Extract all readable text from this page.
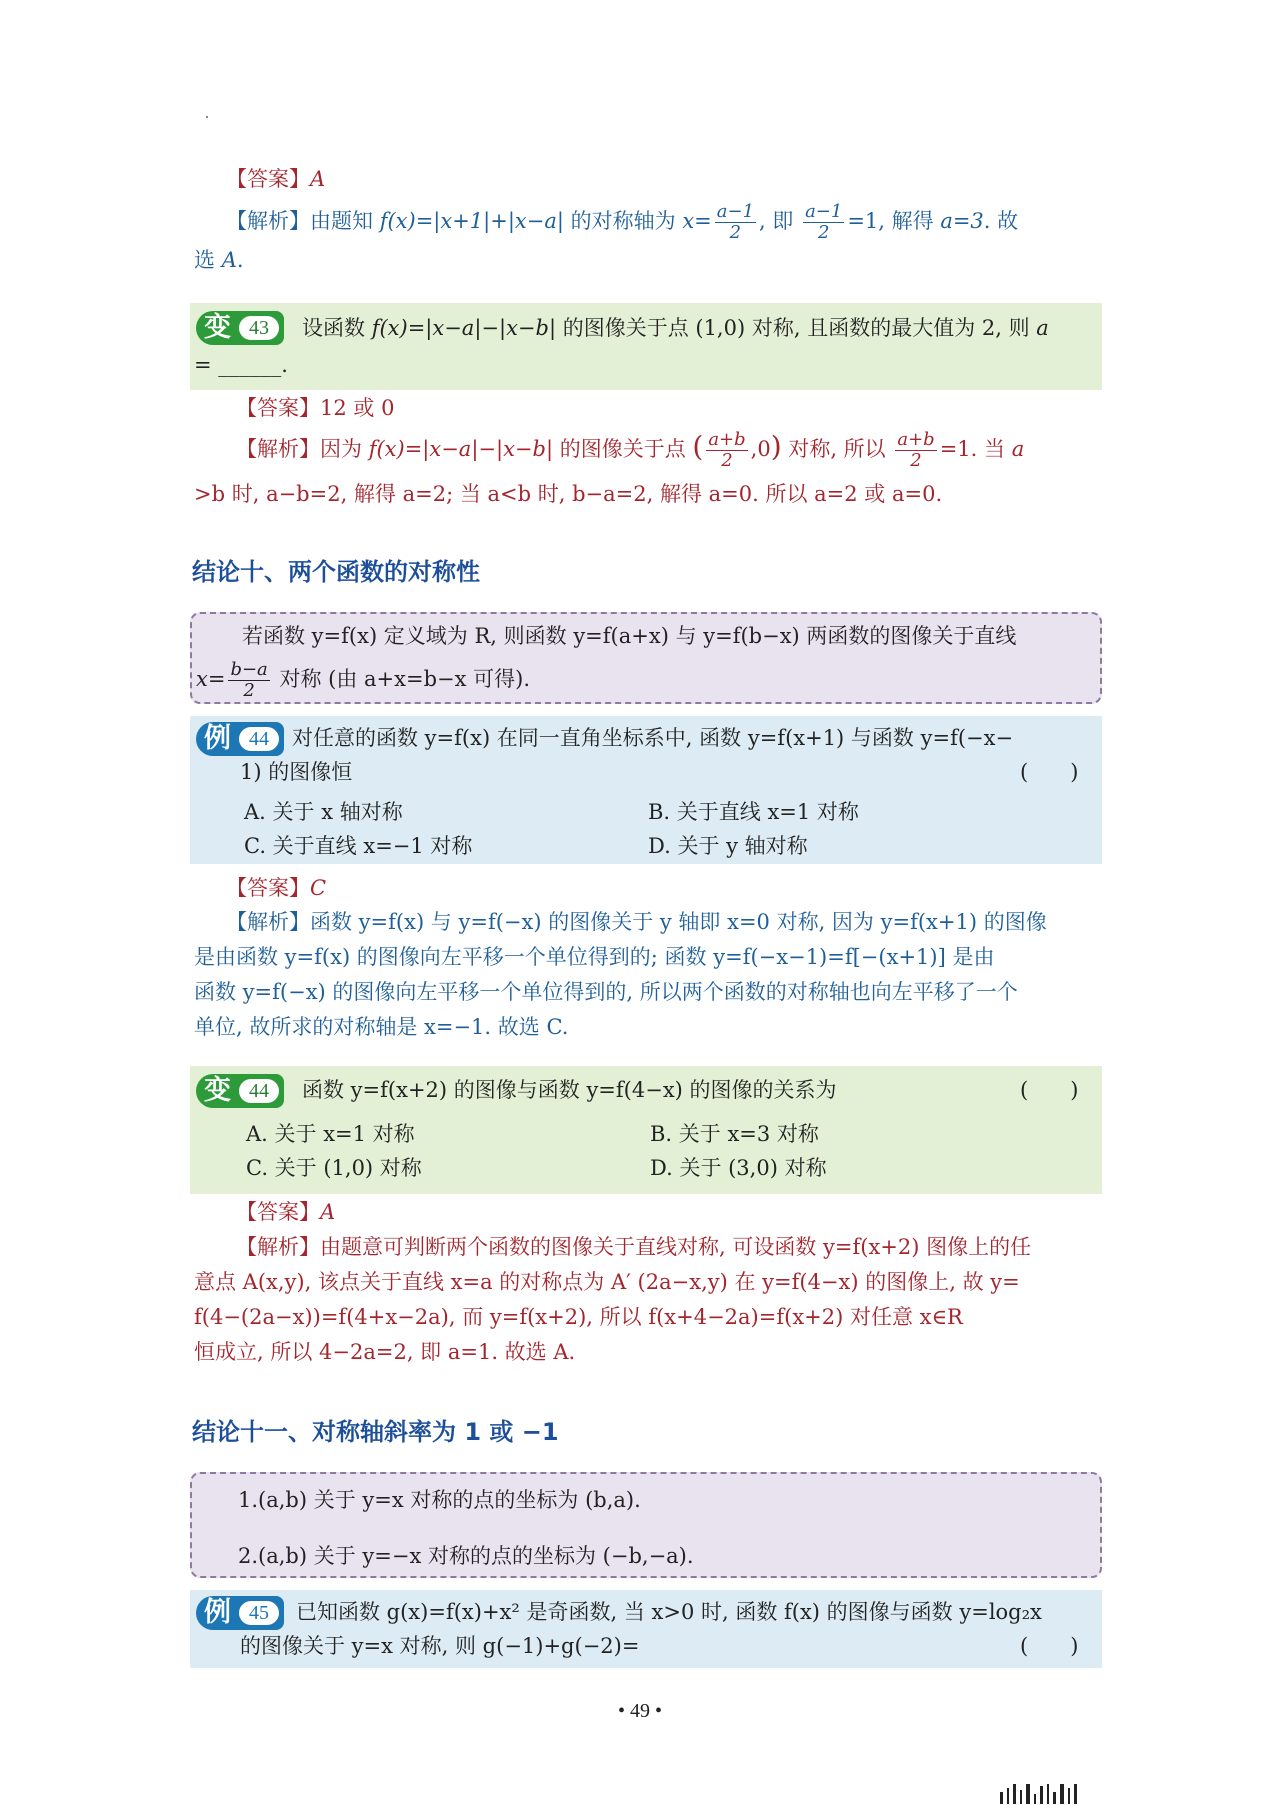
【答案】A
【解析】由题知 f(x)=|x+1|+|x−a| 的对称轴为 $x= \frac{a-1}{2}$ , 即 $\frac{a-1}{2} =1$, 解得 a=3. 故
选 A.
变 43	设函数 f(x)=|x−a|−|x−b| 的图像关于点 (1,0) 对称, 且函数的最大值为 2, 则 a
= ______.
【答案】12 或 0
【解析】因为 f(x)=|x−a|−|x−b| 的图像关于点 ( $\frac{a+b}{2} ,0$) 对称, 所以 $\frac{a+b}{2} =1$. 当 a
>b 时, a−b=2, 解得 a=2; 当 a<b 时, b−a=2, 解得 a=0. 所以 a=2 或 a=0.
结论十、两个函数的对称性
若函数 y=f(x) 定义域为 R, 则函数 y=f(a+x) 与 y=f(b−x) 两函数的图像关于直线
$x= \frac{b-a}{2}$ 对称 (由 a+x=b−x 可得).
例 44	对任意的函数 y=f(x) 在同一直角坐标系中, 函数 y=f(x+1) 与函数 y=f(−x−
1) 的图像恒	(　　)
A. 关于 x 轴对称	B. 关于直线 x=1 对称
C. 关于直线 x=−1 对称	D. 关于 y 轴对称
【答案】C
【解析】函数 y=f(x) 与 y=f(−x) 的图像关于 y 轴即 x=0 对称, 因为 y=f(x+1) 的图像
是由函数 y=f(x) 的图像向左平移一个单位得到的; 函数 y=f(−x−1)=f[−(x+1)] 是由
函数 y=f(−x) 的图像向左平移一个单位得到的, 所以两个函数的对称轴也向左平移了一个
单位, 故所求的对称轴是 x=−1. 故选 C.
变 44	函数 y=f(x+2) 的图像与函数 y=f(4−x) 的图像的关系为	(　　)
A. 关于 x=1 对称	B. 关于 x=3 对称
C. 关于 (1,0) 对称	D. 关于 (3,0) 对称
【答案】A
【解析】由题意可判断两个函数的图像关于直线对称, 可设函数 y=f(x+2) 图像上的任
意点 A(x,y), 该点关于直线 x=a 的对称点为 A′ (2a−x,y) 在 y=f(4−x) 的图像上, 故 y=
f(4−(2a−x))=f(4+x−2a), 而 y=f(x+2), 所以 f(x+4−2a)=f(x+2) 对任意 x∈R
恒成立, 所以 4−2a=2, 即 a=1. 故选 A.
结论十一、对称轴斜率为 1 或 −1
1.(a,b) 关于 y=x 对称的点的坐标为 (b,a).
2.(a,b) 关于 y=−x 对称的点的坐标为 (−b,−a).
例 45	已知函数 g(x)=f(x)+x² 是奇函数, 当 x>0 时, 函数 f(x) 的图像与函数 y=log₂x
的图像关于 y=x 对称, 则 g(−1)+g(−2)=	(　　)
• 49 •
